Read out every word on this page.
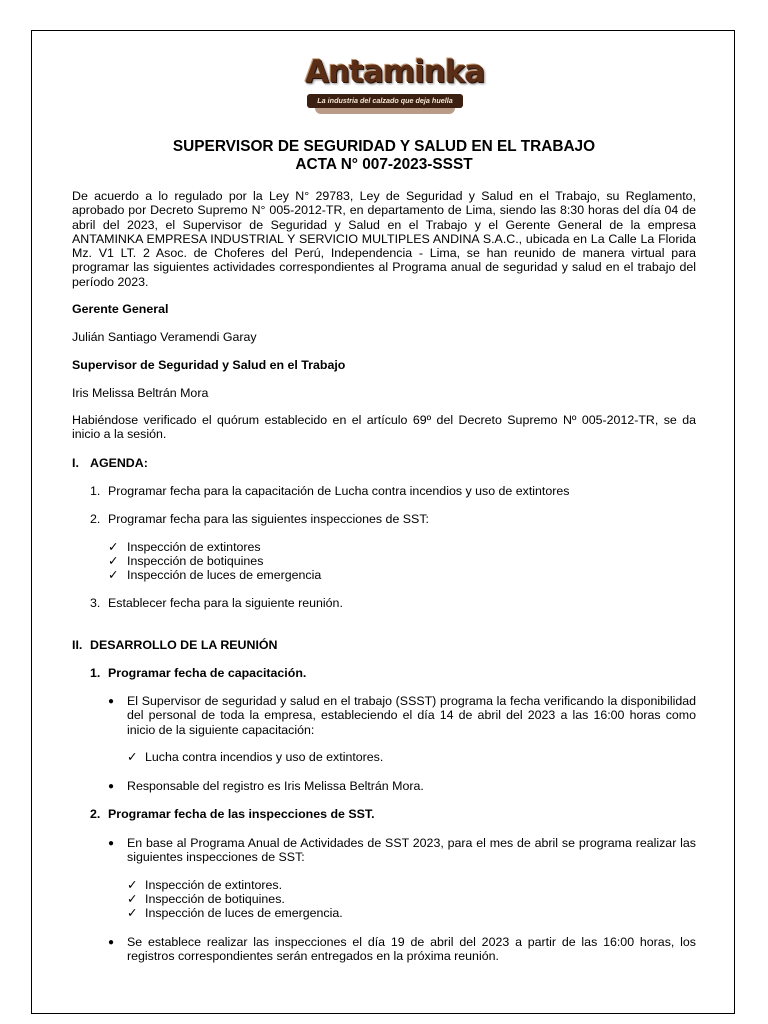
Antaminka
La industria del calzado que deja huella
SUPERVISOR DE SEGURIDAD Y SALUD EN EL TRABAJO
ACTA N° 007-2023-SSST
De acuerdo a lo regulado por la Ley N° 29783, Ley de Seguridad y Salud en el Trabajo, su Reglamento, aprobado por Decreto Supremo N° 005-2012-TR, en departamento de Lima, siendo las 8:30 horas del día 04 de abril del 2023, el Supervisor de Seguridad y Salud en el Trabajo y el Gerente General de la empresa ANTAMINKA EMPRESA INDUSTRIAL Y SERVICIO MULTIPLES ANDINA S.A.C., ubicada en La Calle La Florida Mz. V1 LT. 2 Asoc. de Choferes del Perú, Independencia - Lima, se han reunido de manera virtual para programar las siguientes actividades correspondientes al Programa anual de seguridad y salud en el trabajo del período 2023.
Gerente General
Julián Santiago Veramendi Garay
Supervisor de Seguridad y Salud en el Trabajo
Iris Melissa Beltrán Mora
Habiéndose verificado el quórum establecido en el artículo 69º del Decreto Supremo Nº 005-2012-TR, se da inicio a la sesión.
I. AGENDA:
1. Programar fecha para la capacitación de Lucha contra incendios y uso de extintores
2. Programar fecha para las siguientes inspecciones de SST:
✓ Inspección de extintores
✓ Inspección de botiquines
✓ Inspección de luces de emergencia
3. Establecer fecha para la siguiente reunión.
II. DESARROLLO DE LA REUNIÓN
1. Programar fecha de capacitación.
● El Supervisor de seguridad y salud en el trabajo (SSST) programa la fecha verificando la disponibilidad del personal de toda la empresa, estableciendo el día 14 de abril del 2023 a las 16:00 horas como inicio de la siguiente capacitación:
✓ Lucha contra incendios y uso de extintores.
● Responsable del registro es Iris Melissa Beltrán Mora.
2. Programar fecha de las inspecciones de SST.
● En base al Programa Anual de Actividades de SST 2023, para el mes de abril se programa realizar las siguientes inspecciones de SST:
✓ Inspección de extintores.
✓ Inspección de botiquines.
✓ Inspección de luces de emergencia.
● Se establece realizar las inspecciones el día 19 de abril del 2023 a partir de las 16:00 horas, los registros correspondientes serán entregados en la próxima reunión.
